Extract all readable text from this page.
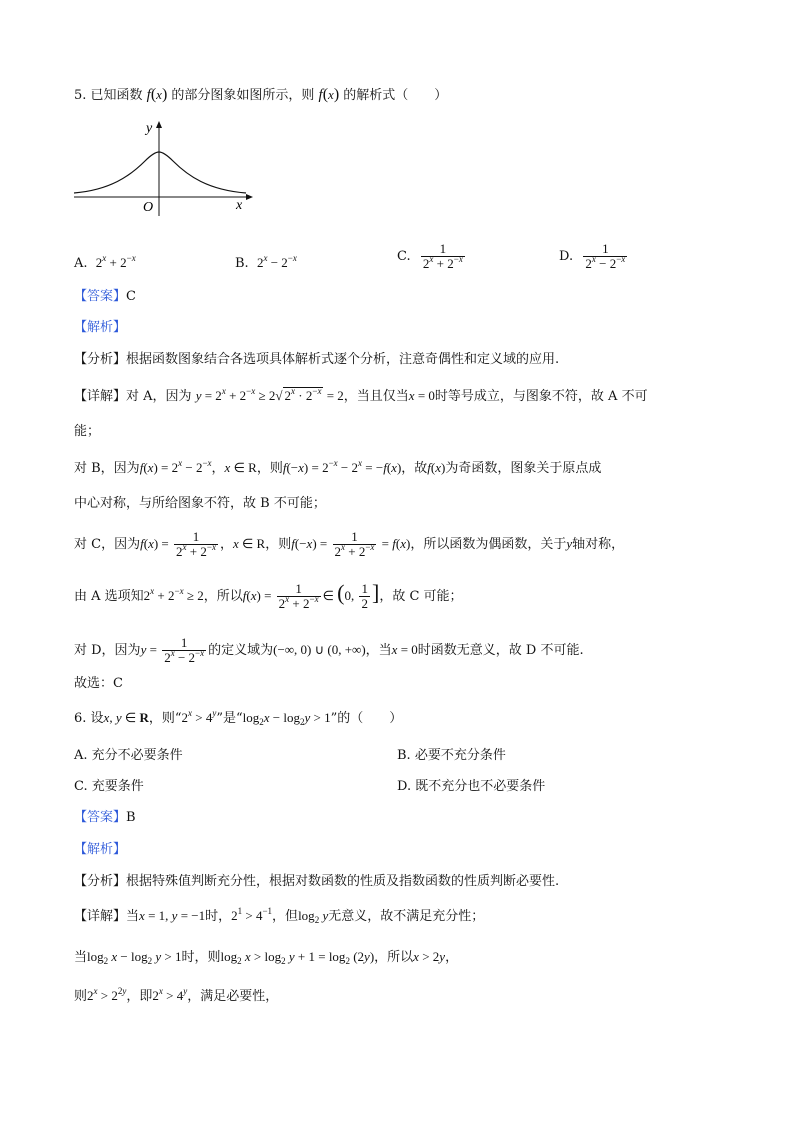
5. 已知函数 f(x) 的部分图象如图所示，则 f(x) 的解析式（　　）
y
x
O
A. $2^x + 2^{-x}$	B. $2^x - 2^{-x}$	C. $\frac{1}{2^x + 2^{-x}}$	D. $\frac{1}{2^x - 2^{-x}}$
【答案】C
【解析】
【分析】根据函数图象结合各选项具体解析式逐个分析，注意奇偶性和定义域的应用.
【详解】对 A，因为 $y = 2^x + 2^{-x} \ge 2√$ $2^x \cdot 2^{-x} = 2$，当且仅当x = 0时等号成立，与图象不符，故 A 不可
能；
对 B，因为$f(x) = 2^x - 2^{-x}$，x ∈ R，则$f(-x) = 2^{-x} - 2^x = -f(x)$，故f(x)为奇函数，图象关于原点成
中心对称，与所给图象不符，故 B 不可能；
对 C，因为$f(x) = \frac{1}{2^x + 2^{-x}}$ ，x ∈ R，则$f(-x) = \frac{1}{2^x + 2^{-x}} = f(x)$，所以函数为偶函数，关于y轴对称，
由 A 选项知$2^x + 2^{-x} \ge 2$，所以$f(x) = \frac{1}{2^x + 2^{-x}}$ ∈ (0, $\frac{1}{2}$ ]，故 C 可能；
对 D，因为$y = \frac{1}{2^x - 2^{-x}}$ 的定义域为(−∞, 0) ∪ (0, +∞)，当x = 0时函数无意义，故 D 不可能.
故选：C
6. 设x, y ∈ R，则“$2^x > 4^y$”是“$\log_2x - \log_2y > 1$”的（　　）
A. 充分不必要条件	B. 必要不充分条件
C. 充要条件	D. 既不充分也不必要条件
【答案】B
【解析】
【分析】根据特殊值判断充分性，根据对数函数的性质及指数函数的性质判断必要性.
【详解】当x = 1, y = −1时，$2^1 > 4^{-1}$，但$\log_2 y$无意义，故不满足充分性；
当$\log_2 x - \log_2 y > 1$时，则$\log_2 x > \log_2 y + 1 = \log_2 (2y)$，所以x > 2y，
则$2^x > 2^{2y}$，即$2^x > 4^y$，满足必要性，
